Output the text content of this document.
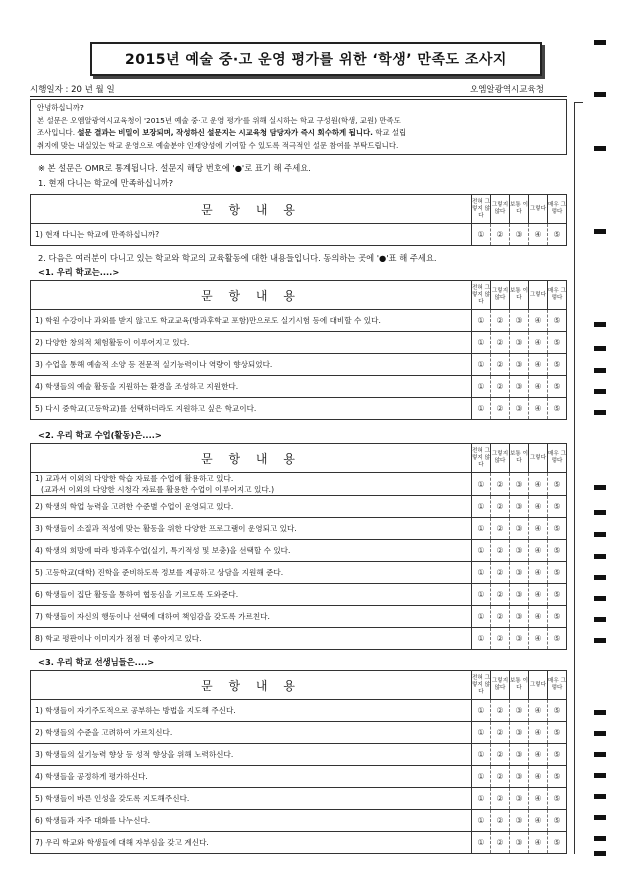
2015년 예술 중·고 운영 평가를 위한 ‘학생’ 만족도 조사지
시행일자 : 20 년 월 일	오엠알광역시교육청
안녕하십니까?
본 설문은 오엠알광역시교육청이 '2015년 예술 중·고 운영 평가'를 위해 실시하는 학교 구성원(학생, 교원) 만족도
조사입니다. 설문 결과는 비밀이 보장되며, 작성하신 설문지는 시교육청 담당자가 즉시 회수하게 됩니다. 학교 설립
취지에 맞는 내실있는 학교 운영으로 예술분야 인재양성에 기여할 수 있도록 적극적인 설문 참여를 부탁드립니다.
※ 본 설문은 OMR로 통계됩니다. 설문지 해당 번호에 '●'로 표기 해 주세요.
1. 현재 다니는 학교에 만족하십니까?
문 항 내 용	전혀 그렇지 않다	그렇지 않다	보통 이다	그렇다	매우 그렇다
1) 현재 다니는 학교에 만족하십니까?	①	②	③	④	⑤
2. 다음은 여러분이 다니고 있는 학교와 학교의 교육활동에 대한 내용들입니다. 동의하는 곳에 '●'표 해 주세요.
<1. 우리 학교는....>
문 항 내 용	전혀 그렇지 않다	그렇지 않다	보통 이다	그렇다	매우 그렇다
1) 학원 수강이나 과외를 받지 않고도 학교교육(방과후학교 포함)만으로도 실기시험 등에 대비할 수 있다.	①	②	③	④	⑤
2) 다양한 창의적 체험활동이 이루어지고 있다.	①	②	③	④	⑤
3) 수업을 통해 예술적 소양 등 전문적 실기능력이나 역량이 향상되었다.	①	②	③	④	⑤
4) 학생들의 예술 활동을 지원하는 환경을 조성하고 지원한다.	①	②	③	④	⑤
5) 다시 중학교(고등학교)를 선택하더라도 지원하고 싶은 학교이다.	①	②	③	④	⑤
<2. 우리 학교 수업(활동)은....>
문 항 내 용	전혀 그렇지 않다	그렇지 않다	보통 이다	그렇다	매우 그렇다

1) 교과서 이외의 다양한 학습 자료를 수업에 활용하고 있다.
(교과서 이외의 다양한 시청각 자료를 활용한 수업이 이루어지고 있다.)	①	②	③	④	⑤
2) 학생의 학업 능력을 고려한 수준별 수업이 운영되고 있다.	①	②	③	④	⑤
3) 학생들이 소질과 적성에 맞는 활동을 위한 다양한 프로그램이 운영되고 있다.	①	②	③	④	⑤
4) 학생의 희망에 따라 방과후수업(실기, 특기적성 및 보충)을 선택할 수 있다.	①	②	③	④	⑤
5) 고등학교(대학) 진학을 준비하도록 정보를 제공하고 상담을 지원해 준다.	①	②	③	④	⑤
6) 학생들이 집단 활동을 통하여 협동심을 기르도록 도와준다.	①	②	③	④	⑤
7) 학생들이 자신의 행동이나 선택에 대하여 책임감을 갖도록 가르친다.	①	②	③	④	⑤
8) 학교 평판이나 이미지가 점점 더 좋아지고 있다.	①	②	③	④	⑤
<3. 우리 학교 선생님들은....>
문 항 내 용	전혀 그렇지 않다	그렇지 않다	보통 이다	그렇다	매우 그렇다
1) 학생들이 자기주도적으로 공부하는 방법을 지도해 주신다.	①	②	③	④	⑤
2) 학생들의 수준을 고려하여 가르치신다.	①	②	③	④	⑤
3) 학생들의 실기능력 향상 등 성적 향상을 위해 노력하신다.	①	②	③	④	⑤
4) 학생들을 공정하게 평가하신다.	①	②	③	④	⑤
5) 학생들이 바른 인성을 갖도록 지도해주신다.	①	②	③	④	⑤
6) 학생들과 자주 대화를 나누신다.	①	②	③	④	⑤
7) 우리 학교와 학생들에 대해 자부심을 갖고 계신다.	①	②	③	④	⑤
